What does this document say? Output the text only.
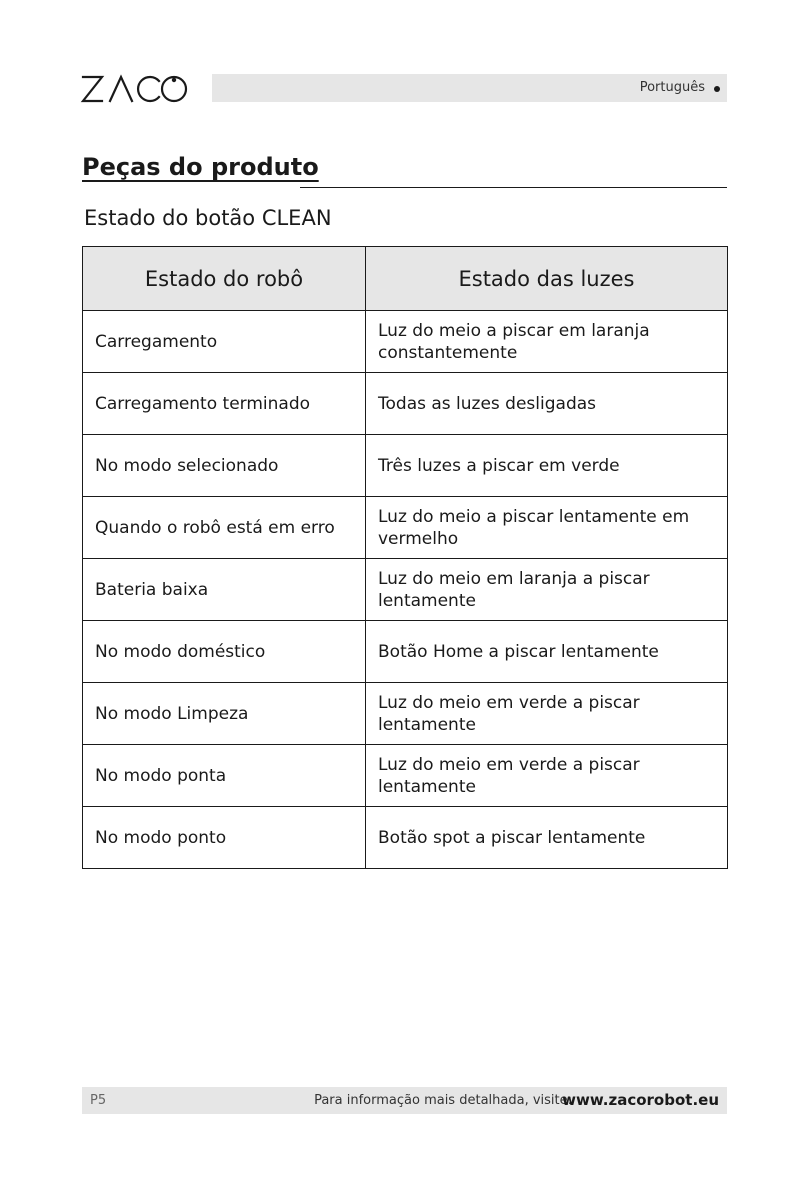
Português
Peças do produto
Estado do botão CLEAN
Estado do robô	Estado das luzes
Carregamento	Luz do meio a piscar em laranja constantemente
Carregamento terminado	Todas as luzes desligadas
No modo selecionado	Três luzes a piscar em verde
Quando o robô está em erro	Luz do meio a piscar lentamente em vermelho
Bateria baixa	Luz do meio em laranja a piscar lentamente
No modo doméstico	Botão Home a piscar lentamente
No modo Limpeza	Luz do meio em verde a piscar lentamente
No modo ponta	Luz do meio em verde a piscar lentamente
No modo ponto	Botão spot a piscar lentamente
P5	Para informação mais detalhada, visite:
www.zacorobot.eu
